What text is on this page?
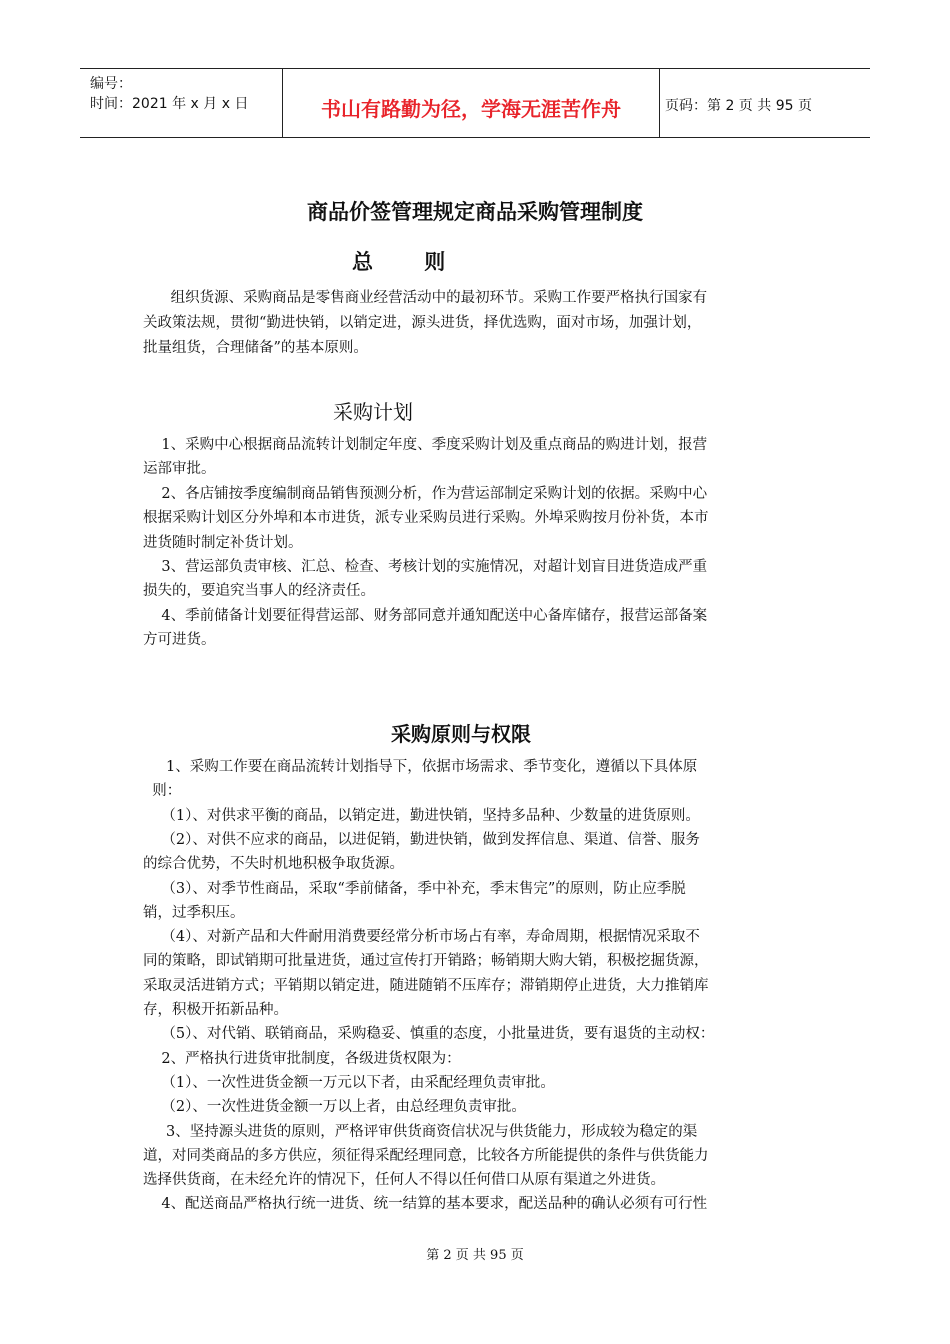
编号：
时间：2021 年 x 月 x 日	书山有路勤为径，学海无涯苦作舟	页码：第 2 页 共 95 页
商品价签管理规定商品采购管理制度
总 则
组织货源、采购商品是零售商业经营活动中的最初环节。采购工作要严格执行国家有
关政策法规，贯彻“勤进快销，以销定进，源头进货，择优选购，面对市场，加强计划，
批量组货，合理储备”的基本原则。
采购计划
1、采购中心根据商品流转计划制定年度、季度采购计划及重点商品的购进计划，报营
运部审批。
2、各店铺按季度编制商品销售预测分析，作为营运部制定采购计划的依据。采购中心
根据采购计划区分外埠和本市进货，派专业采购员进行采购。外埠采购按月份补货，本市
进货随时制定补货计划。
3、营运部负责审核、汇总、检查、考核计划的实施情况，对超计划盲目进货造成严重
损失的，要追究当事人的经济责任。
4、季前储备计划要征得营运部、财务部同意并通知配送中心备库储存，报营运部备案
方可进货。
采购原则与权限
1、采购工作要在商品流转计划指导下，依据市场需求、季节变化，遵循以下具体原
则：
（1）、对供求平衡的商品，以销定进，勤进快销，坚持多品种、少数量的进货原则。
（2）、对供不应求的商品，以进促销，勤进快销，做到发挥信息、渠道、信誉、服务
的综合优势，不失时机地积极争取货源。
（3）、对季节性商品，采取“季前储备，季中补充，季末售完”的原则，防止应季脱
销，过季积压。
（4）、对新产品和大件耐用消费要经常分析市场占有率，寿命周期，根据情况采取不
同的策略，即试销期可批量进货，通过宣传打开销路；畅销期大购大销，积极挖掘货源，
采取灵活进销方式；平销期以销定进，随进随销不压库存；滞销期停止进货，大力推销库
存，积极开拓新品种。
（5）、对代销、联销商品，采购稳妥、慎重的态度，小批量进货，要有退货的主动权：
2、严格执行进货审批制度，各级进货权限为：
（1）、一次性进货金额一万元以下者，由采配经理负责审批。
（2）、一次性进货金额一万以上者，由总经理负责审批。
3、坚持源头进货的原则，严格评审供货商资信状况与供货能力，形成较为稳定的渠
道，对同类商品的多方供应，须征得采配经理同意，比较各方所能提供的条件与供货能力
选择供货商，在未经允许的情况下，任何人不得以任何借口从原有渠道之外进货。
4、配送商品严格执行统一进货、统一结算的基本要求，配送品种的确认必须有可行性
第 2 页 共 95 页
